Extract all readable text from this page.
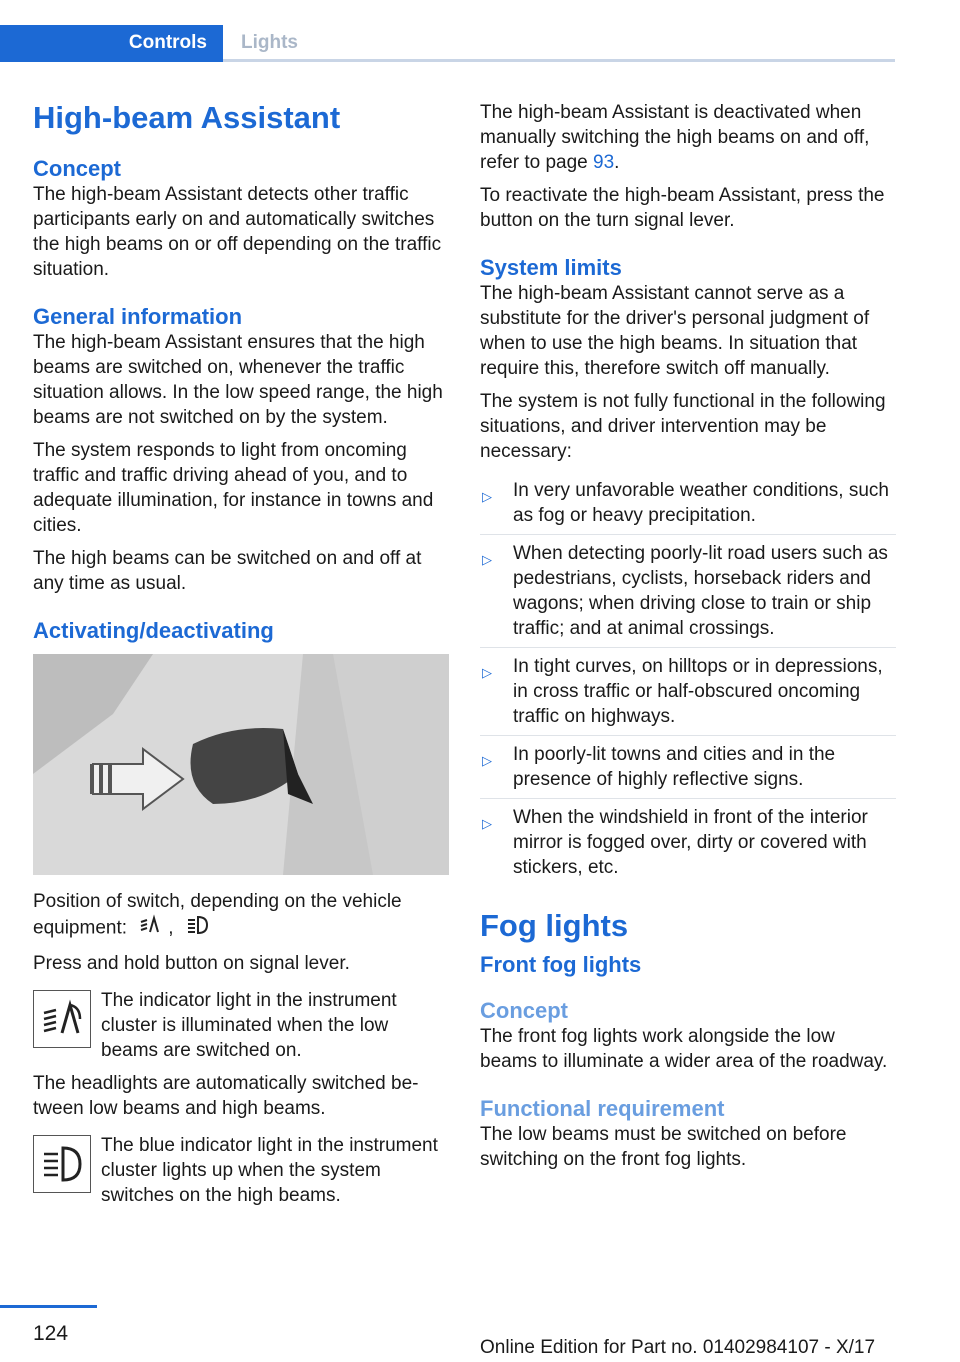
Controls Lights
High-beam Assistant
Concept

The high-beam Assistant detects other traffic participants early on and automatically switches the high beams on or off depending on the traffic situation.

General information

The high-beam Assistant ensures that the high beams are switched on, whenever the traffic situation allows. In the low speed range, the high beams are not switched on by the system.

The system responds to light from oncoming traffic and traffic driving ahead of you, and to adequate illumination, for instance in towns and cities.

The high beams can be switched on and off at any time as usual.

Activating/deactivating

Position of switch, depending on the vehicle equipment: ,

Press and hold button on signal lever.

The indicator light in the instrument cluster is illuminated when the low beams are switched on.

The headlights are automatically switched between low beams and high beams.

The blue indicator light in the instrument cluster lights up when the system switches on the high beams.

The high-beam Assistant is deactivated when manually switching the high beams on and off, refer to page 93.

To reactivate the high-beam Assistant, press the button on the turn signal lever.

System limits

The high-beam Assistant cannot serve as a substitute for the driver's personal judgment of when to use the high beams. In situation that require this, therefore switch off manually.

The system is not fully functional in the following situations, and driver intervention may be necessary:

▷ In very unfavorable weather conditions, such as fog or heavy precipitation.
▷ When detecting poorly-lit road users such as pedestrians, cyclists, horseback riders and wagons; when driving close to train or ship traffic; and at animal crossings.
▷ In tight curves, on hilltops or in depressions, in cross traffic or half-obscured oncoming traffic on highways.
▷ In poorly-lit towns and cities and in the presence of highly reflective signs.
▷ When the windshield in front of the interior mirror is fogged over, dirty or covered with stickers, etc.
Fog lights
Front fog lights
Concept

The front fog lights work alongside the low beams to illuminate a wider area of the roadway.

Functional requirement

The low beams must be switched on before switching on the front fog lights.

124
Online Edition for Part no. 01402984107 - X/17
